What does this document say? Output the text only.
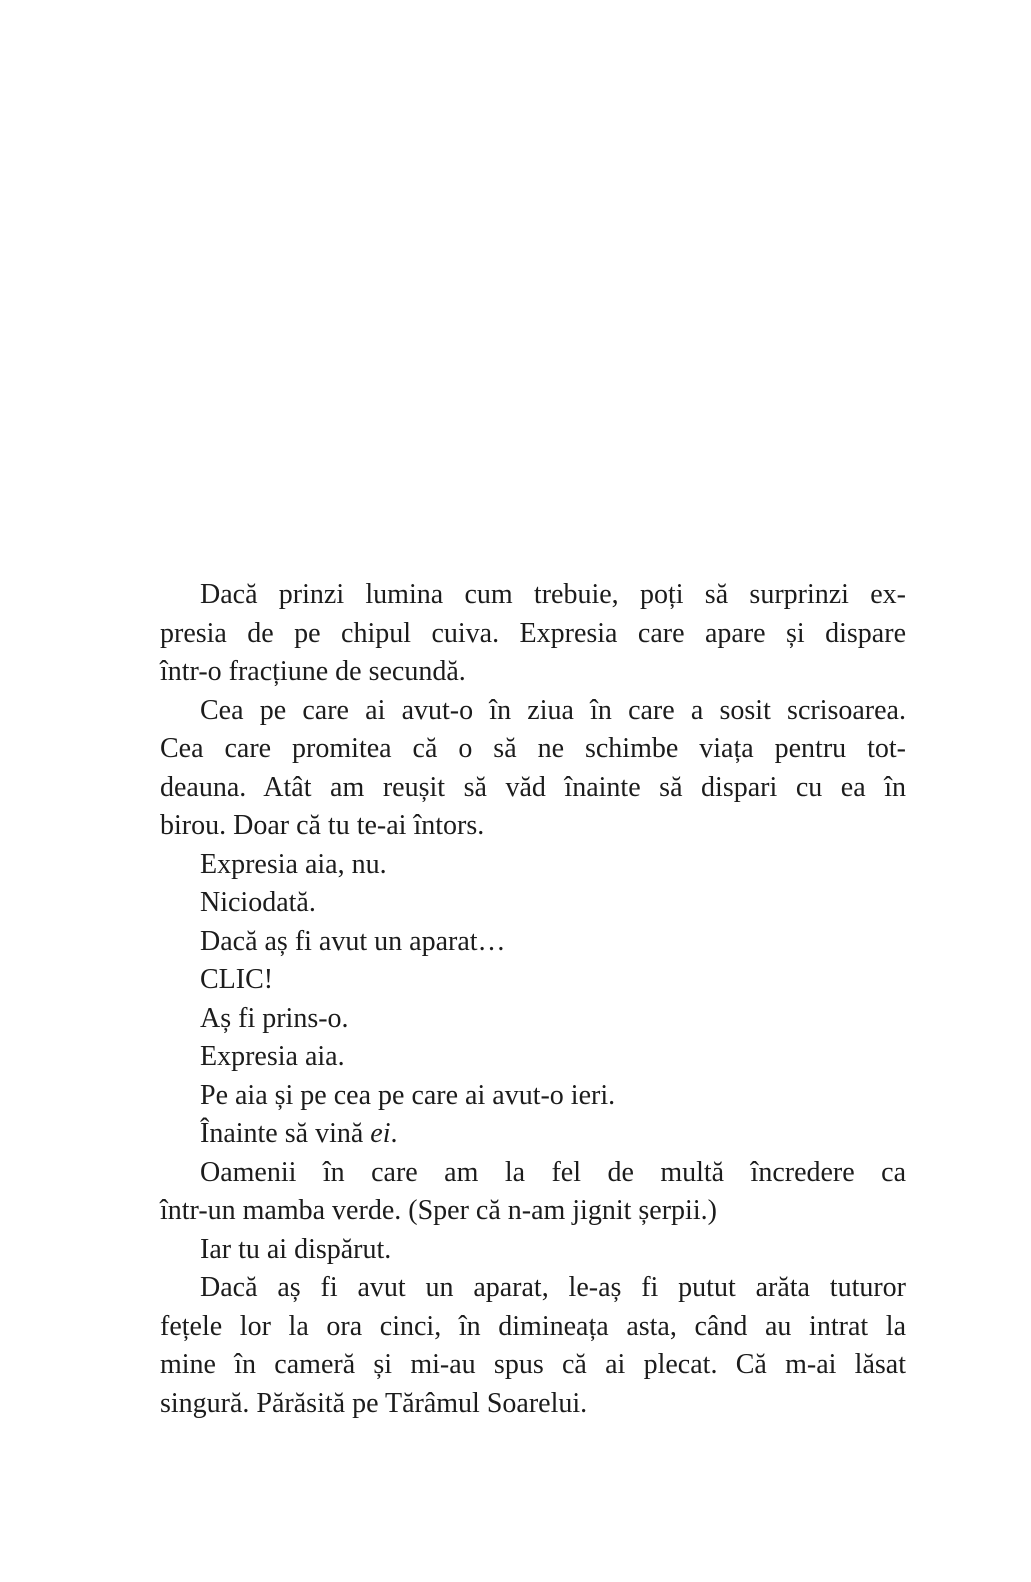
Dacă prinzi lumina cum trebuie, poți să surprinzi ex-
presia de pe chipul cuiva. Expresia care apare și dispare
într-o fracțiune de secundă.
Cea pe care ai avut-o în ziua în care a sosit scrisoarea.
Cea care promitea că o să ne schimbe viața pentru tot-
deauna. Atât am reușit să văd înainte să dispari cu ea în
birou. Doar că tu te-ai întors.
Expresia aia, nu.
Niciodată.
Dacă aș fi avut un aparat…
CLIC!
Aș fi prins-o.
Expresia aia.
Pe aia și pe cea pe care ai avut-o ieri.
Înainte să vină ei.
Oamenii în care am la fel de multă încredere ca
într-un mamba verde. (Sper că n-am jignit șerpii.)
Iar tu ai dispărut.
Dacă aș fi avut un aparat, le-aș fi putut arăta tuturor
fețele lor la ora cinci, în dimineața asta, când au intrat la
mine în cameră și mi-au spus că ai plecat. Că m-ai lăsat
singură. Părăsită pe Tărâmul Soarelui.
